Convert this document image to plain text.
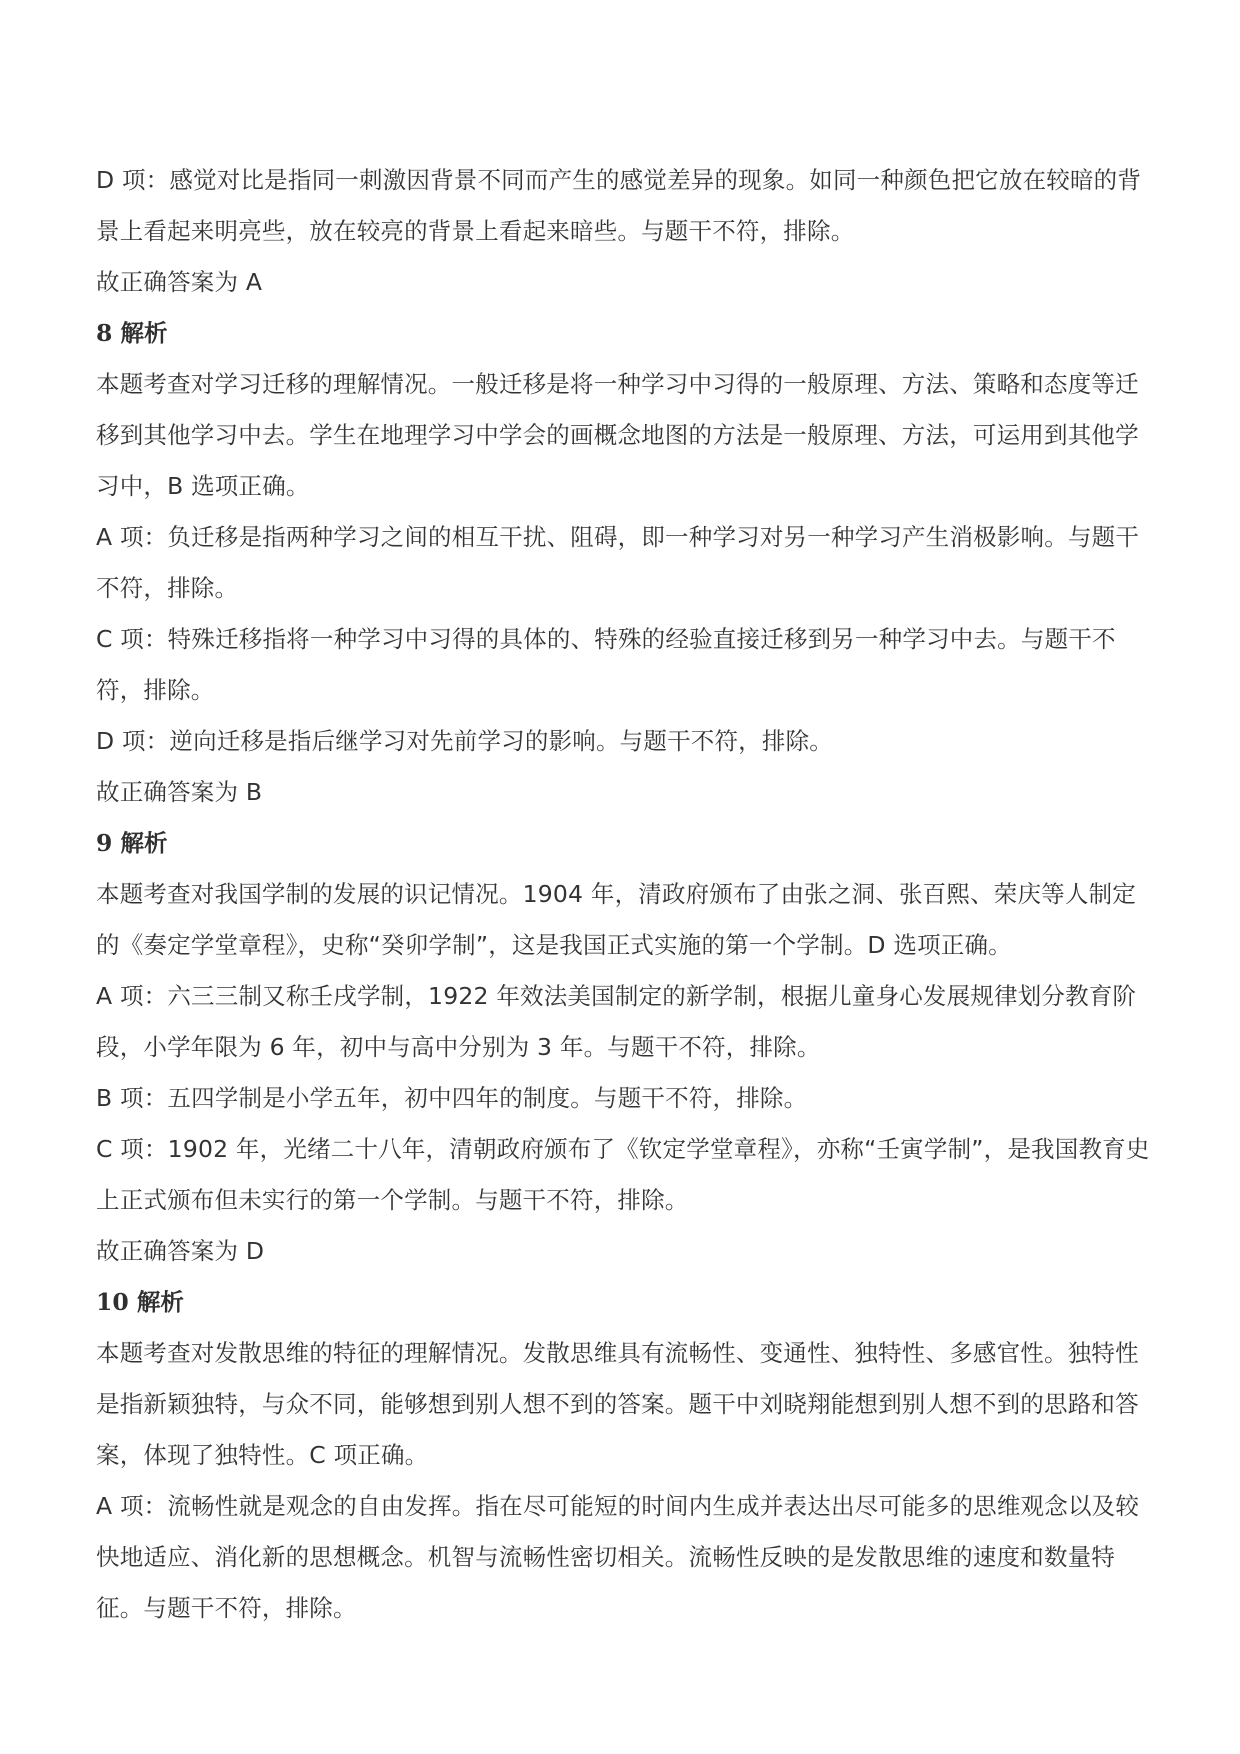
D 项：感觉对比是指同一刺激因背景不同而产生的感觉差异的现象。如同一种颜色把它放在较暗的背景上看起来明亮些，放在较亮的背景上看起来暗些。与题干不符，排除。

故正确答案为 A

8 解析

本题考查对学习迁移的理解情况。一般迁移是将一种学习中习得的一般原理、方法、策略和态度等迁移到其他学习中去。学生在地理学习中学会的画概念地图的方法是一般原理、方法，可运用到其他学习中，B 选项正确。

A 项：负迁移是指两种学习之间的相互干扰、阻碍，即一种学习对另一种学习产生消极影响。与题干不符，排除。

C 项：特殊迁移指将一种学习中习得的具体的、特殊的经验直接迁移到另一种学习中去。与题干不符，排除。

D 项：逆向迁移是指后继学习对先前学习的影响。与题干不符，排除。

故正确答案为 B

9 解析

本题考查对我国学制的发展的识记情况。1904 年，清政府颁布了由张之洞、张百熙、荣庆等人制定的《奏定学堂章程》，史称“癸卯学制”，这是我国正式实施的第一个学制。D 选项正确。

A 项：六三三制又称壬戌学制，1922 年效法美国制定的新学制，根据儿童身心发展规律划分教育阶段，小学年限为 6 年，初中与高中分别为 3 年。与题干不符，排除。

B 项：五四学制是小学五年，初中四年的制度。与题干不符，排除。

C 项：1902 年，光绪二十八年，清朝政府颁布了《钦定学堂章程》，亦称“壬寅学制”，是我国教育史上正式颁布但未实行的第一个学制。与题干不符，排除。

故正确答案为 D

10 解析

本题考查对发散思维的特征的理解情况。发散思维具有流畅性、变通性、独特性、多感官性。独特性是指新颖独特，与众不同，能够想到别人想不到的答案。题干中刘晓翔能想到别人想不到的思路和答案，体现了独特性。C 项正确。

A 项：流畅性就是观念的自由发挥。指在尽可能短的时间内生成并表达出尽可能多的思维观念以及较快地适应、消化新的思想概念。机智与流畅性密切相关。流畅性反映的是发散思维的速度和数量特征。与题干不符，排除。
